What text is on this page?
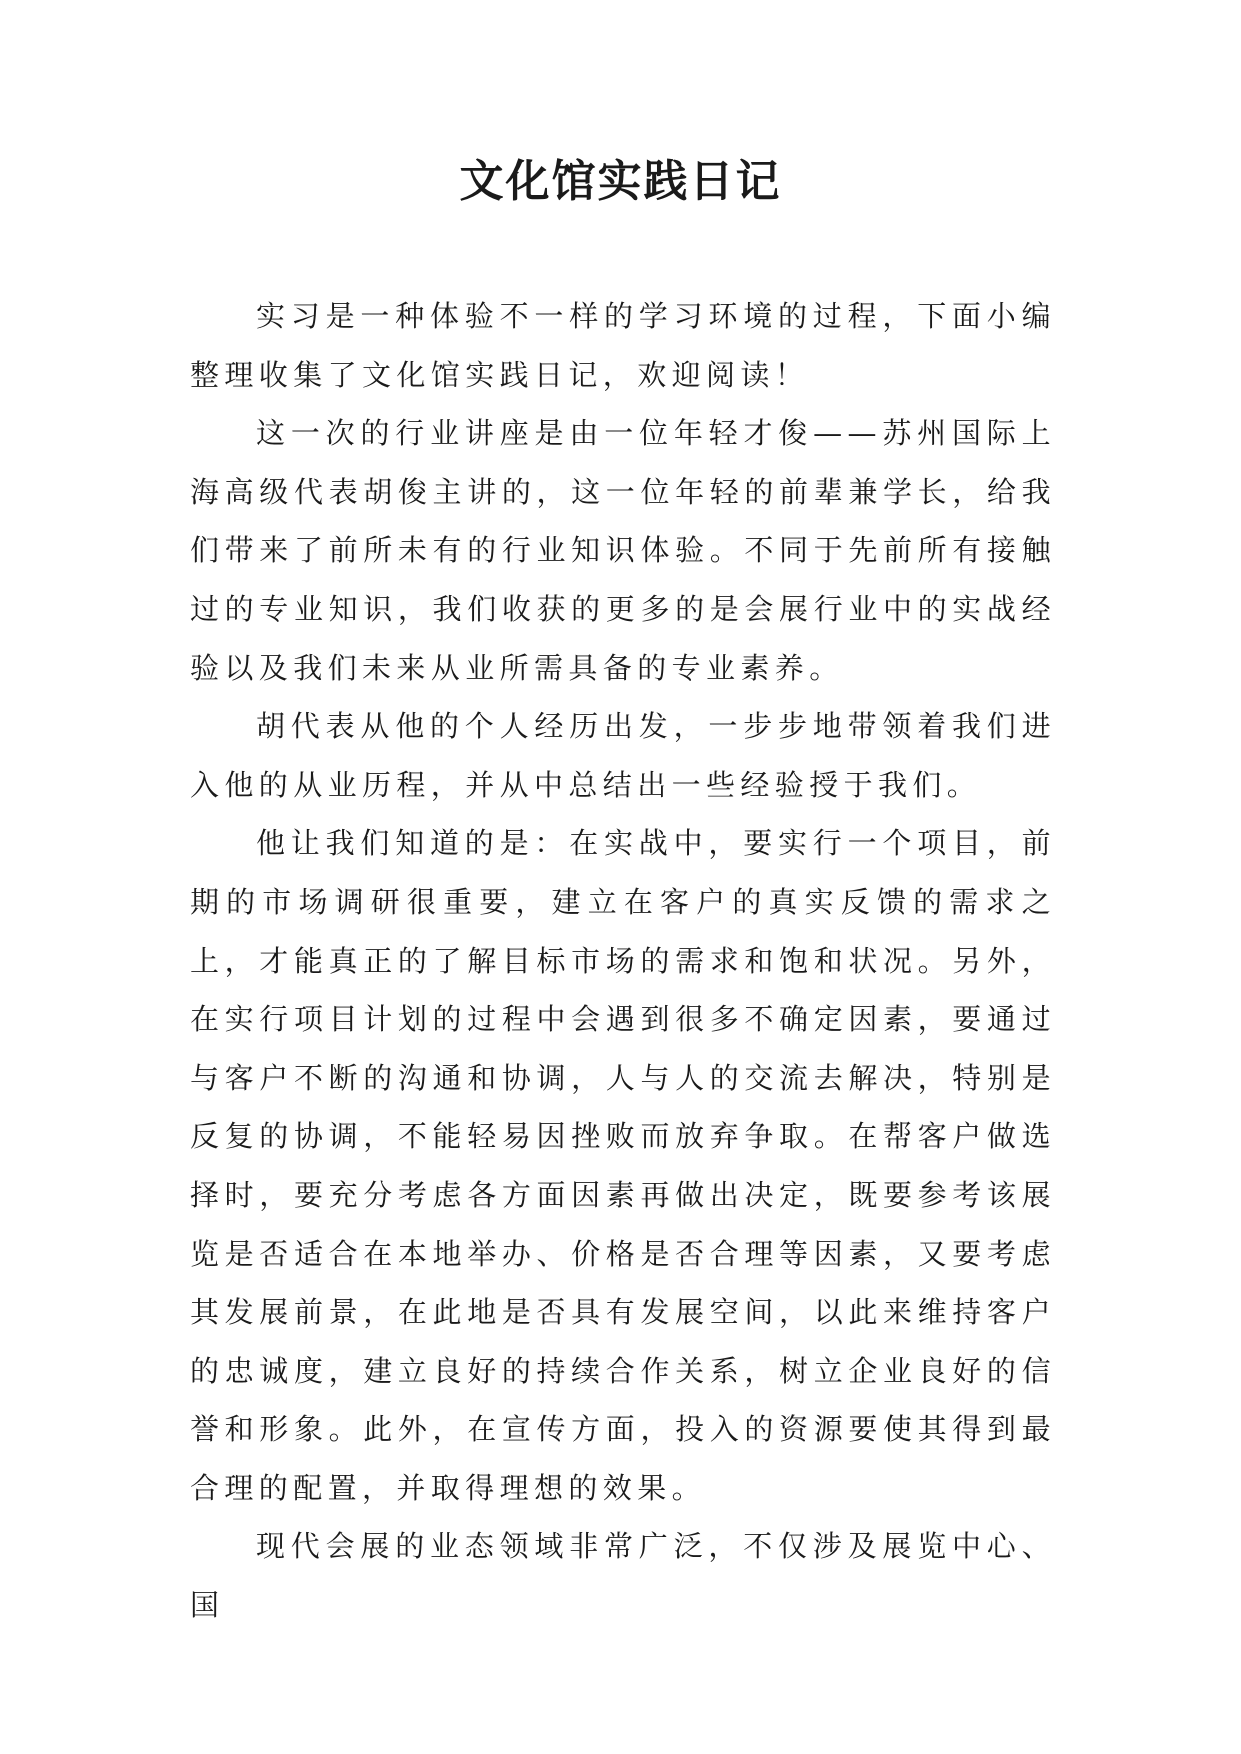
文化馆实践日记

实习是一种体验不一样的学习环境的过程，下面小编整理收集了文化馆实践日记，欢迎阅读！

这一次的行业讲座是由一位年轻才俊——苏州国际上海高级代表胡俊主讲的，这一位年轻的前辈兼学长，给我们带来了前所未有的行业知识体验。不同于先前所有接触过的专业知识，我们收获的更多的是会展行业中的实战经验以及我们未来从业所需具备的专业素养。

胡代表从他的个人经历出发，一步步地带领着我们进入他的从业历程，并从中总结出一些经验授于我们。

他让我们知道的是：在实战中，要实行一个项目，前期的市场调研很重要，建立在客户的真实反馈的需求之上，才能真正的了解目标市场的需求和饱和状况。另外，在实行项目计划的过程中会遇到很多不确定因素，要通过与客户不断的沟通和协调，人与人的交流去解决，特别是反复的协调，不能轻易因挫败而放弃争取。在帮客户做选择时，要充分考虑各方面因素再做出决定，既要参考该展览是否适合在本地举办、价格是否合理等因素，又要考虑其发展前景，在此地是否具有发展空间，以此来维持客户的忠诚度，建立良好的持续合作关系，树立企业良好的信誉和形象。此外，在宣传方面，投入的资源要使其得到最合理的配置，并取得理想的效果。

现代会展的业态领域非常广泛，不仅涉及展览中心、国
